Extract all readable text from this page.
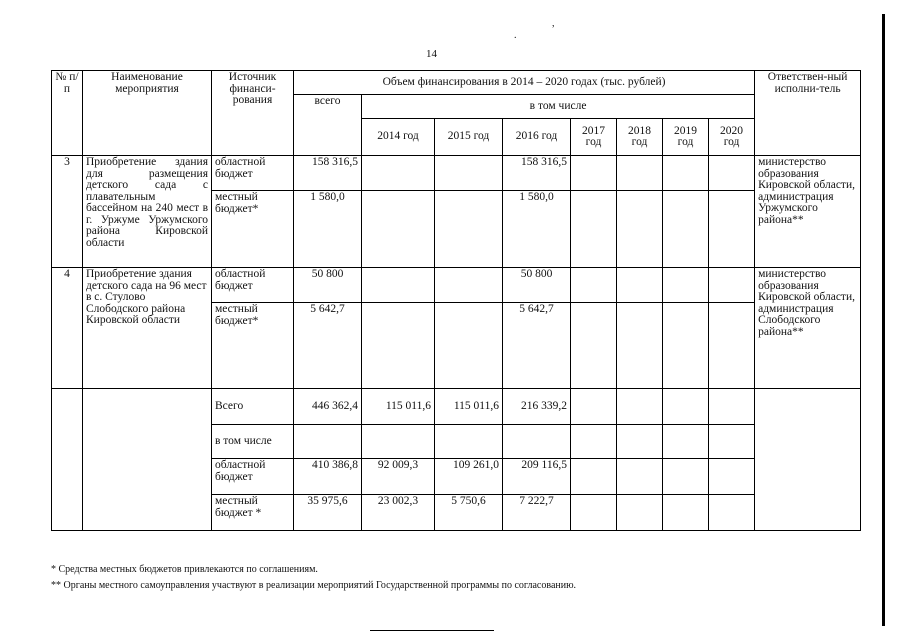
,
.
14
№ п/п	Наименование мероприятия	Источник финанси-рования	Объем финансирования в 2014 – 2020 годах (тыс. рублей)								Ответствен-ный исполни-тель
			всего	в том числе							
				2014 год	2015 год	2016 год	2017 год	2018 год	2019 год	2020 год	
3	Приобретение здания для размещения детского сада с плавательным бассейном на 240 мест в г. Уржуме Уржумского района Кировской области	областной бюджет	158 316,5			158 316,5					министерство образования Кировской области, администрация Уржумского района**
		местный бюджет*	1 580,0			1 580,0					
4	Приобретение здания детского сада на 96 мест в с. Стулово Слободского района Кировской области	областной бюджет	50 800			50 800					министерство образования Кировской области, администрация Слободского района**
		местный бюджет*	5 642,7			5 642,7					
		Всего	446 362,4	115 011,6	115 011,6	216 339,2					
		в том числе									
		областной бюджет	410 386,8	92 009,3	109 261,0	209 116,5					
		местный бюджет *	35 975,6	23 002,3	5 750,6	7 222,7					
* Средства местных бюджетов привлекаются по соглашениям.
** Органы местного самоуправления участвуют в реализации мероприятий Государственной программы по согласованию.
